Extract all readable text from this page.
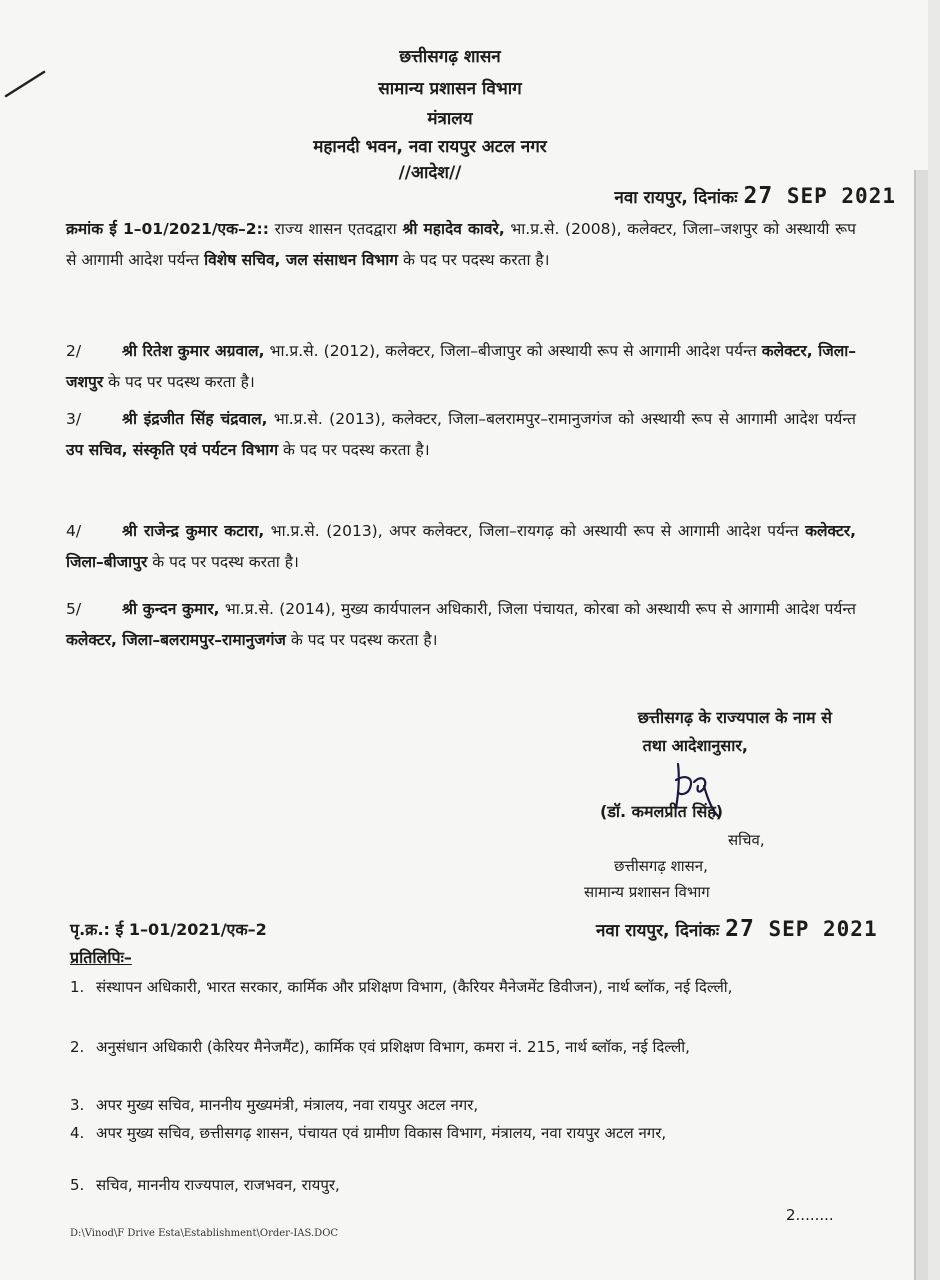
छत्तीसगढ़ शासन
सामान्य प्रशासन विभाग
मंत्रालय
महानदी भवन, नवा रायपुर अटल नगर
//आदेश//
नवा रायपुर, दिनांकः 27 SEP 2021
क्रमांक ई 1–01/2021/एक–2:: राज्य शासन एतदद्वारा श्री महादेव कावरे, भा.प्र.से. (2008), कलेक्टर, जिला–जशपुर को अस्थायी रूप से आगामी आदेश पर्यन्त विशेष सचिव, जल संसाधन विभाग के पद पर पदस्थ करता है।
2/	श्री रितेश कुमार अग्रवाल, भा.प्र.से. (2012), कलेक्टर, जिला–बीजापुर को अस्थायी रूप से आगामी आदेश पर्यन्त कलेक्टर, जिला–जशपुर के पद पर पदस्थ करता है।
3/	श्री इंद्रजीत सिंह चंद्रवाल, भा.प्र.से. (2013), कलेक्टर, जिला–बलरामपुर–रामानुजगंज को अस्थायी रूप से आगामी आदेश पर्यन्त उप सचिव, संस्कृति एवं पर्यटन विभाग के पद पर पदस्थ करता है।
4/	श्री राजेन्द्र कुमार कटारा, भा.प्र.से. (2013), अपर कलेक्टर, जिला–रायगढ़ को अस्थायी रूप से आगामी आदेश पर्यन्त कलेक्टर, जिला–बीजापुर के पद पर पदस्थ करता है।
5/	श्री कुन्दन कुमार, भा.प्र.से. (2014), मुख्य कार्यपालन अधिकारी, जिला पंचायत, कोरबा को अस्थायी रूप से आगामी आदेश पर्यन्त कलेक्टर, जिला–बलरामपुर–रामानुजगंज के पद पर पदस्थ करता है।
छत्तीसगढ़ के राज्यपाल के नाम से
तथा आदेशानुसार,
(डॉ. कमलप्रीत सिंह)
सचिव,
छत्तीसगढ़ शासन,
सामान्य प्रशासन विभाग
पृ.क्र.: ई 1–01/2021/एक–2	नवा रायपुर, दिनांकः 27 SEP 2021
प्रतिलिपिः–
1. संस्थापन अधिकारी, भारत सरकार, कार्मिक और प्रशिक्षण विभाग, (कैरियर मैनेजमेंट डिवीजन), नार्थ ब्लॉक, नई दिल्ली,
2. अनुसंधान अधिकारी (केरियर मैनेजमैंट), कार्मिक एवं प्रशिक्षण विभाग, कमरा नं. 215, नार्थ ब्लॉक, नई दिल्ली,
3. अपर मुख्य सचिव, माननीय मुख्यमंत्री, मंत्रालय, नवा रायपुर अटल नगर,
4. अपर मुख्य सचिव, छत्तीसगढ़ शासन, पंचायत एवं ग्रामीण विकास विभाग, मंत्रालय, नवा रायपुर अटल नगर,
5. सचिव, माननीय राज्यपाल, राजभवन, रायपुर,
2........
D:\Vinod\F Drive Esta\Establishment\Order-IAS.DOC
